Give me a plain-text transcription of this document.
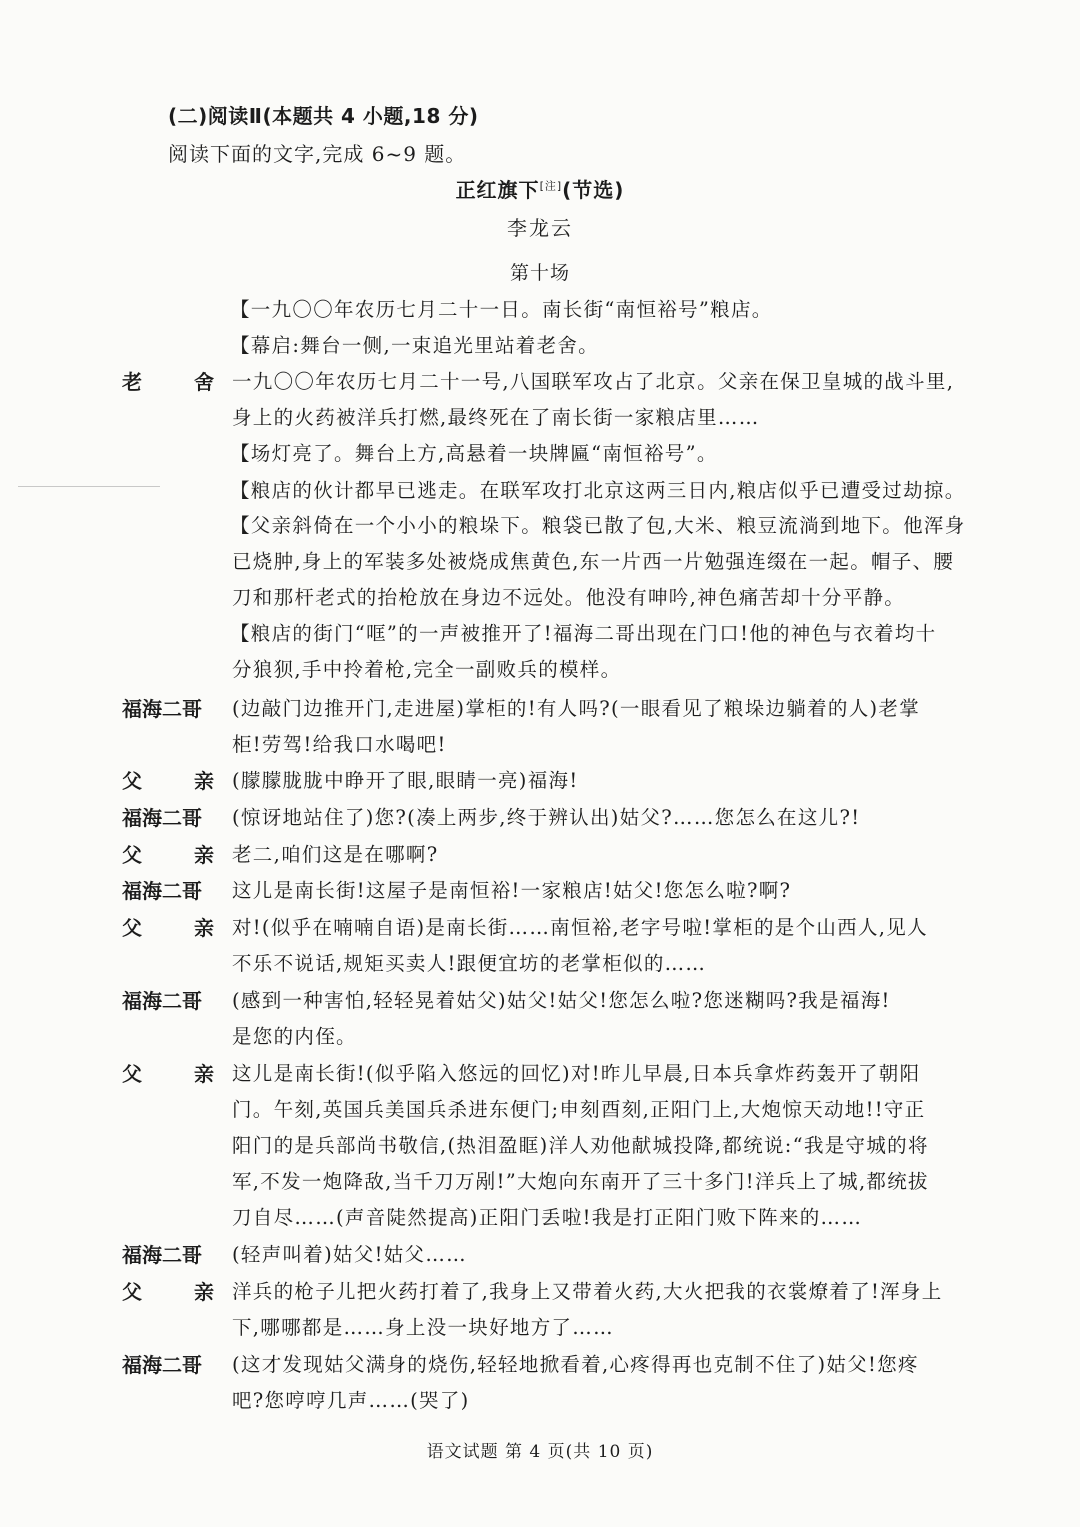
(二)阅读Ⅱ(本题共 4 小题,18 分)
阅读下面的文字,完成 6~9 题。
正红旗下[注](节选)
李龙云
第十场
【一九〇〇年农历七月二十一日。南长街“南恒裕号”粮店。
【幕启:舞台一侧,一束追光里站着老舍。
老 舍 一九〇〇年农历七月二十一号,八国联军攻占了北京。父亲在保卫皇城的战斗里,
身上的火药被洋兵打燃,最终死在了南长街一家粮店里……
【场灯亮了。舞台上方,高悬着一块牌匾“南恒裕号”。
【粮店的伙计都早已逃走。在联军攻打北京这两三日内,粮店似乎已遭受过劫掠。
【父亲斜倚在一个小小的粮垛下。粮袋已散了包,大米、粮豆流淌到地下。他浑身
已烧肿,身上的军装多处被烧成焦黄色,东一片西一片勉强连缀在一起。帽子、腰
刀和那杆老式的抬枪放在身边不远处。他没有呻吟,神色痛苦却十分平静。
【粮店的街门“哐”的一声被推开了!福海二哥出现在门口!他的神色与衣着均十
分狼狈,手中拎着枪,完全一副败兵的模样。
福海二哥	(边敲门边推开门,走进屋)掌柜的!有人吗?(一眼看见了粮垛边躺着的人)老掌
柜!劳驾!给我口水喝吧!
父 亲 (朦朦胧胧中睁开了眼,眼睛一亮)福海!
福海二哥	(惊讶地站住了)您?(凑上两步,终于辨认出)姑父?……您怎么在这儿?!
父 亲 老二,咱们这是在哪啊?
福海二哥	这儿是南长街!这屋子是南恒裕!一家粮店!姑父!您怎么啦?啊?
父 亲 对!(似乎在喃喃自语)是南长街……南恒裕,老字号啦!掌柜的是个山西人,见人
不乐不说话,规矩买卖人!跟便宜坊的老掌柜似的……
福海二哥	(感到一种害怕,轻轻晃着姑父)姑父!姑父!您怎么啦?您迷糊吗?我是福海!
是您的内侄。
父 亲 这儿是南长街!(似乎陷入悠远的回忆)对!昨儿早晨,日本兵拿炸药轰开了朝阳
门。午刻,英国兵美国兵杀进东便门;申刻酉刻,正阳门上,大炮惊天动地!!守正
阳门的是兵部尚书敬信,(热泪盈眶)洋人劝他献城投降,都统说:“我是守城的将
军,不发一炮降敌,当千刀万剐!”大炮向东南开了三十多门!洋兵上了城,都统拔
刀自尽……(声音陡然提高)正阳门丢啦!我是打正阳门败下阵来的……
福海二哥	(轻声叫着)姑父!姑父……
父 亲 洋兵的枪子儿把火药打着了,我身上又带着火药,大火把我的衣裳燎着了!浑身上
下,哪哪都是……身上没一块好地方了……
福海二哥	(这才发现姑父满身的烧伤,轻轻地掀看着,心疼得再也克制不住了)姑父!您疼
吧?您哼哼几声……(哭了)
语文试题 第 4 页(共 10 页)
